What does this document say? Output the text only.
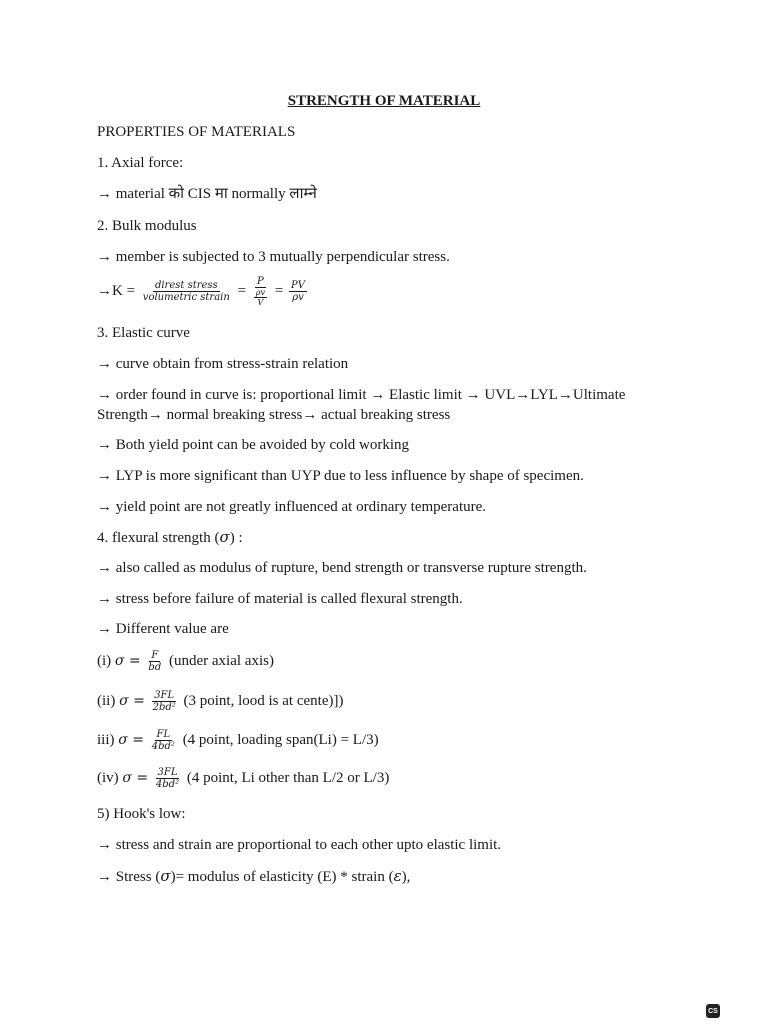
STRENGTH OF MATERIAL
PROPERTIES OF MATERIALS
1. Axial force:
→ material को CIS मा normally लाम्ने
2. Bulk modulus
→ member is subjected to 3 mutually perpendicular stress.
$\to K = \frac{\text{direst stress}}{\text{volumetric strain}} = \frac{P}{\frac{\rho v}{V}} = \frac{PV}{\rho v}$
3. Elastic curve
→ curve obtain from stress-strain relation
→ order found in curve is: proportional limit → Elastic limit → UVL→LYL→Ultimate
Strength→ normal breaking stress→ actual breaking stress
→ Both yield point can be avoided by cold working
→ LYP is more significant than UYP due to less influence by shape of specimen.
→ yield point are not greatly influenced at ordinary temperature.
4. flexural strength (σ) :
→ also called as modulus of rupture, bend strength or transverse rupture strength.
→ stress before failure of material is called flexural strength.
→ Different value are
(i) $\sigma = \frac{F}{bd}$ (under axial axis)
(ii) $\sigma = \frac{3FL}{\text{2bd²}} (3$ point, lood is at cente)])
iii) $\sigma = \frac{FL}{\text{4bd²}} (4$ point, loading span(Li) = L/3)
(iv) $\sigma = \frac{3FL}{\text{4bd²}} (4$ point, Li other than L/2 or L/3)
5) Hook's low:
→ stress and strain are proportional to each other upto elastic limit.
→ Stress (σ)= modulus of elasticity (E) * strain (ε),
CS
